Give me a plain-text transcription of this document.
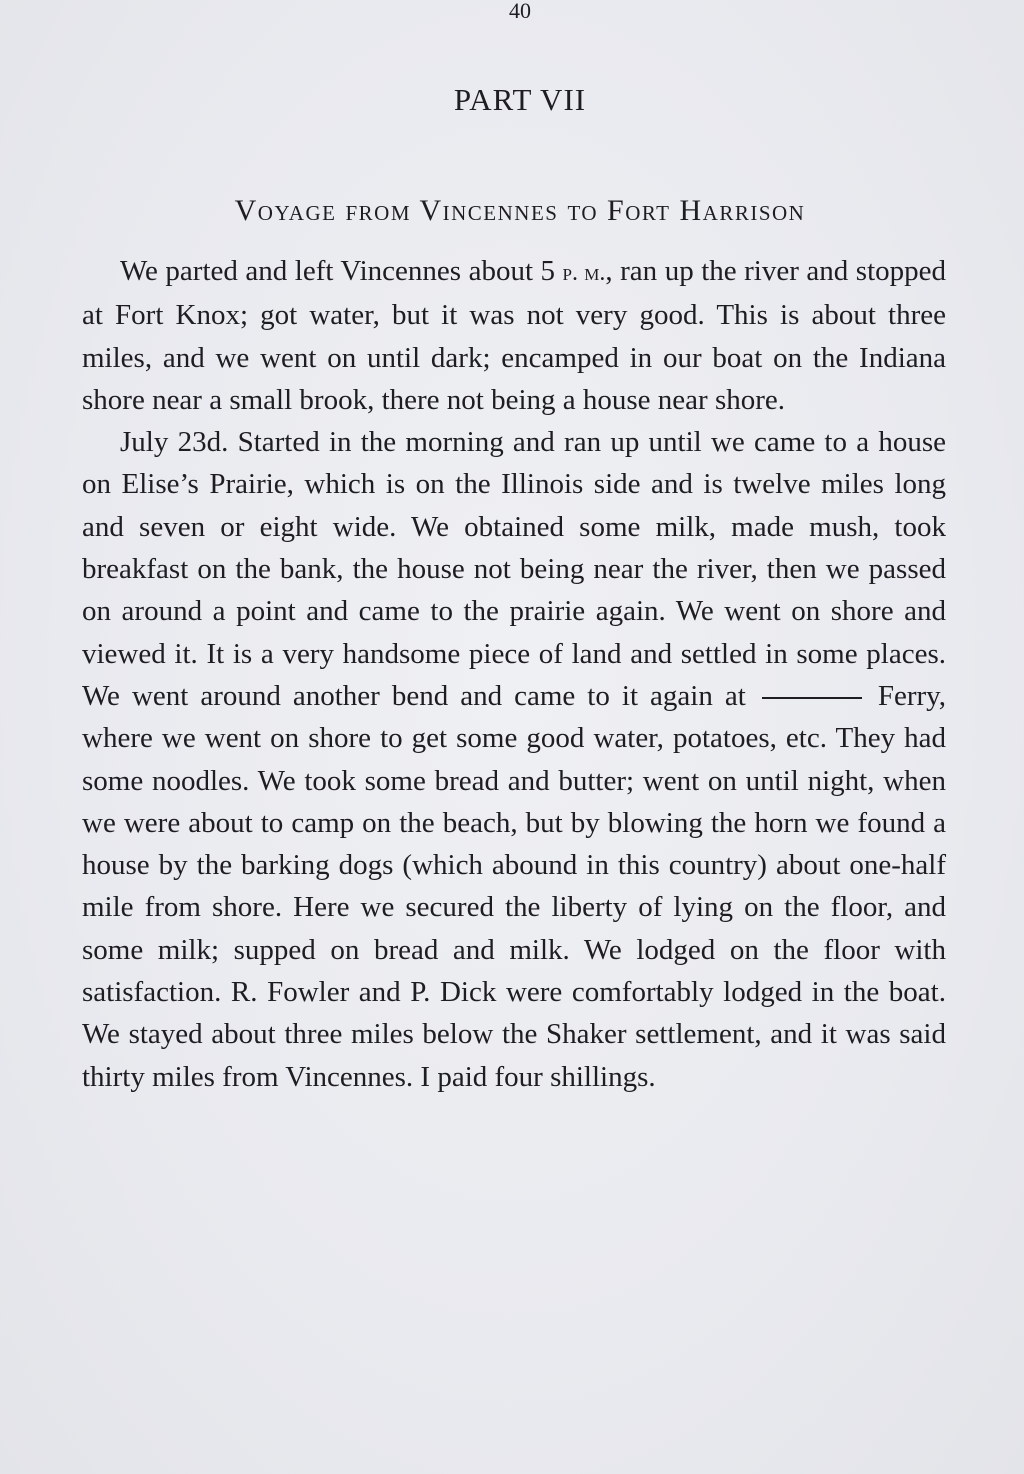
PART VII
Voyage from Vincennes to Fort Harrison

We parted and left Vincennes about 5 p. m., ran up the river and stopped at Fort Knox; got water, but it was not very good. This is about three miles, and we went on until dark; encamped in our boat on the Indiana shore near a small brook, there not being a house near shore.

July 23d. Started in the morning and ran up until we came to a house on Elise’s Prairie, which is on the Illinois side and is twelve miles long and seven or eight wide. We obtained some milk, made mush, took breakfast on the bank, the house not being near the river, then we passed on around a point and came to the prairie again. We went on shore and viewed it. It is a very handsome piece of land and settled in some places. We went around another bend and came to it again at	Ferry, where we went on shore to get some good water, potatoes, etc. They had some noodles. We took some bread and butter; went on until night, when we were about to camp on the beach, but by blowing the horn we found a house by the barking dogs (which abound in this country) about one-half mile from shore. Here we secured the liberty of lying on the floor, and some milk; supped on bread and milk. We lodged on the floor with satisfaction. R. Fowler and P. Dick were comfortably lodged in the boat. We stayed about three miles below the Shaker settlement, and it was said thirty miles from Vincennes. I paid four shillings.

40
